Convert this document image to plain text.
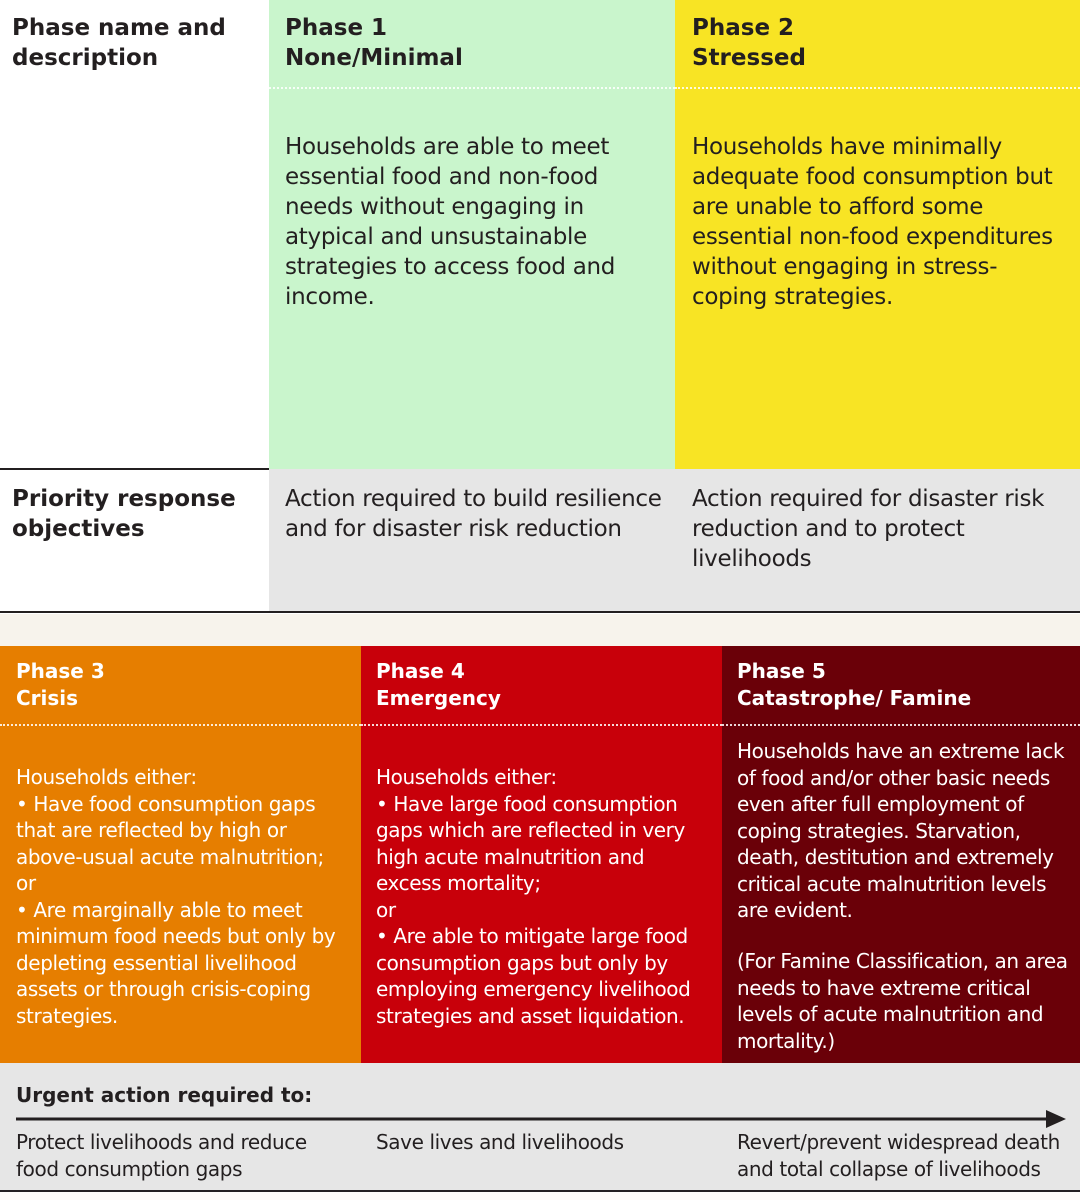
Phase name and description
Phase 1
None/Minimal
Households are able to meet essential food and non-food needs without engaging in atypical and unsustainable strategies to access food and income.
Phase 2
Stressed
Households have minimally adequate food consumption but are unable to afford some essential non-food expenditures without engaging in stress-coping strategies.
Priority response objectives
Action required to build resilience and for disaster risk reduction
Action required for disaster risk reduction and to protect livelihoods
Phase 3
Crisis
Households either:
• Have food consumption gaps that are reflected by high or above-usual acute malnutrition;
or
• Are marginally able to meet minimum food needs but only by depleting essential livelihood assets or through crisis-coping strategies.
Phase 4
Emergency
Households either:
• Have large food consumption gaps which are reflected in very high acute malnutrition and excess mortality;
or
• Are able to mitigate large food consumption gaps but only by employing emergency livelihood strategies and asset liquidation.
Phase 5
Catastrophe/ Famine
Households have an extreme lack of food and/or other basic needs even after full employment of coping strategies. Starvation, death, destitution and extremely critical acute malnutrition levels are evident.
(For Famine Classification, an area needs to have extreme critical levels of acute malnutrition and mortality.)
Urgent action required to:
Protect livelihoods and reduce food consumption gaps
Save lives and livelihoods	Revert/prevent widespread death and total collapse of livelihoods
